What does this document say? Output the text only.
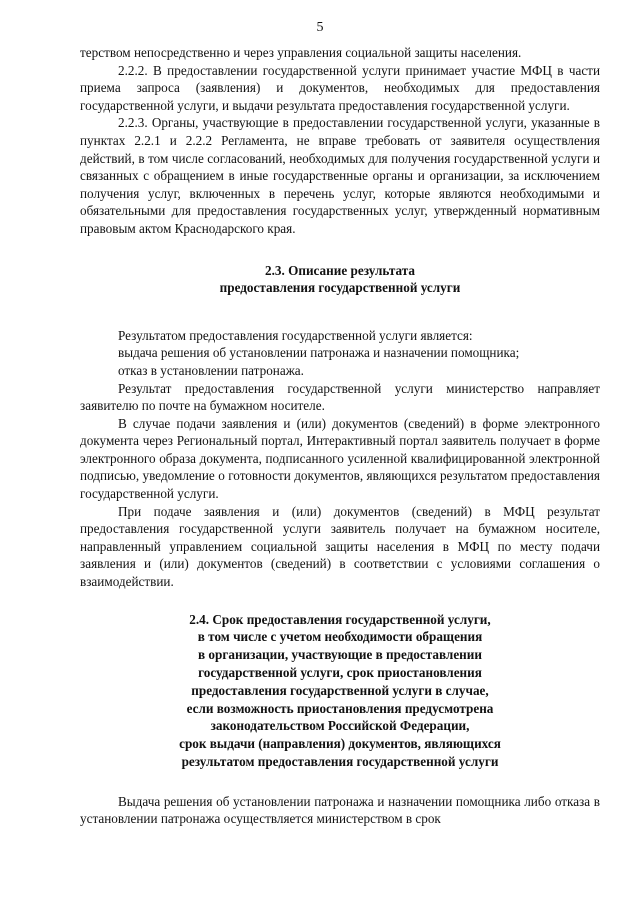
5

терством непосредственно и через управления социальной защиты населения.

2.2.2. В предоставлении государственной услуги принимает участие МФЦ в части приема запроса (заявления) и документов, необходимых для предоставления государственной услуги, и выдачи результата предоставления государственной услуги.

2.2.3. Органы, участвующие в предоставлении государственной услуги, указанные в пунктах 2.2.1 и 2.2.2 Регламента, не вправе требовать от заявителя осуществления действий, в том числе согласований, необходимых для получения государственной услуги и связанных с обращением в иные государственные органы и организации, за исключением получения услуг, включенных в перечень услуг, которые являются необходимыми и обязательными для предоставления государственных услуг, утвержденный нормативным правовым актом Краснодарского края.

2.3. Описание результата
предоставления государственной услуги

Результатом предоставления государственной услуги является:

выдача решения об установлении патронажа и назначении помощника;

отказ в установлении патронажа.

Результат предоставления государственной услуги министерство направляет заявителю по почте на бумажном носителе.

В случае подачи заявления и (или) документов (сведений) в форме электронного документа через Региональный портал, Интерактивный портал заявитель получает в форме электронного образа документа, подписанного усиленной квалифицированной электронной подписью, уведомление о готовности документов, являющихся результатом предоставления государственной услуги.

При подаче заявления и (или) документов (сведений) в МФЦ результат предоставления государственной услуги заявитель получает на бумажном носителе, направленный управлением социальной защиты населения в МФЦ по месту подачи заявления и (или) документов (сведений) в соответствии с условиями соглашения о взаимодействии.

2.4. Срок предоставления государственной услуги,
в том числе с учетом необходимости обращения
в организации, участвующие в предоставлении
государственной услуги, срок приостановления
предоставления государственной услуги в случае,
если возможность приостановления предусмотрена
законодательством Российской Федерации,
срок выдачи (направления) документов, являющихся
результатом предоставления государственной услуги

Выдача решения об установлении патронажа и назначении помощника либо отказа в установлении патронажа осуществляется министерством в срок
